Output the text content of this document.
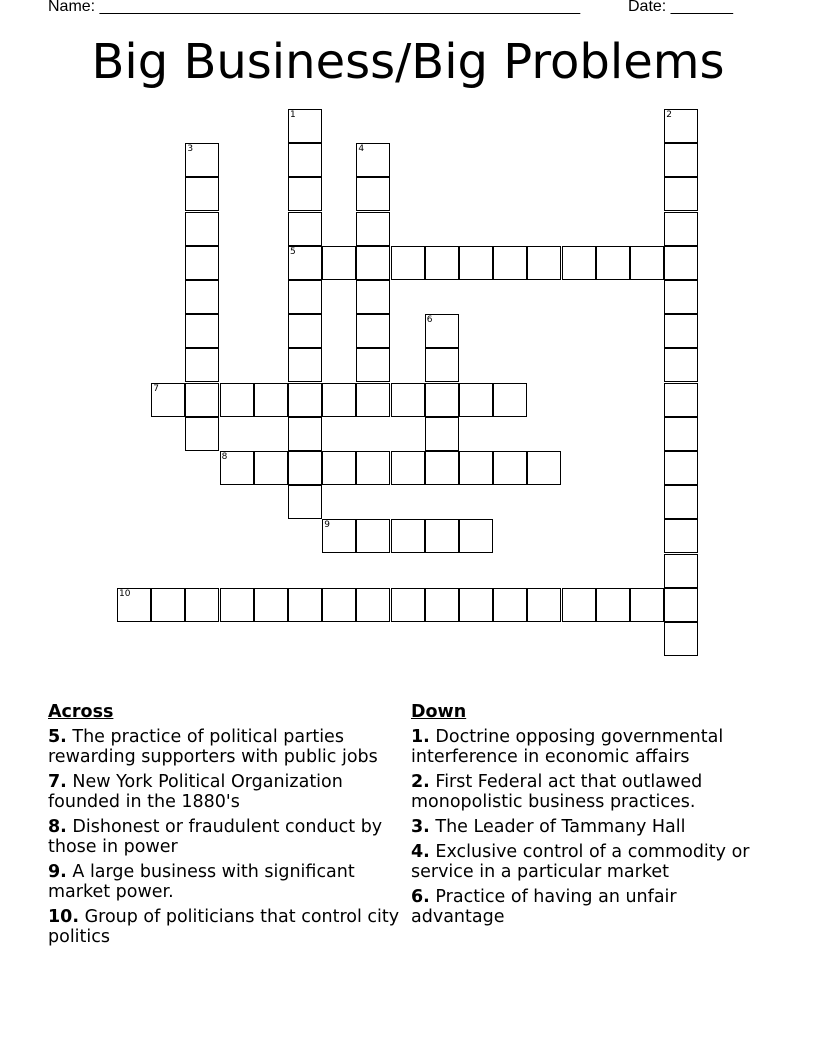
Name: ______________________________________________________	Date: _______
Big Business/Big Problems
1
5
2
3	4
6
7
8
9
10
Across
5. The practice of political parties rewarding supporters with public jobs
7. New York Political Organization founded in the 1880's
8. Dishonest or fraudulent conduct by those in power
9. A large business with significant market power.
10. Group of politicians that control city politics
Down
1. Doctrine opposing governmental interference in economic affairs
2. First Federal act that outlawed monopolistic business practices.
3. The Leader of Tammany Hall
4. Exclusive control of a commodity or service in a particular market
6. Practice of having an unfair advantage
